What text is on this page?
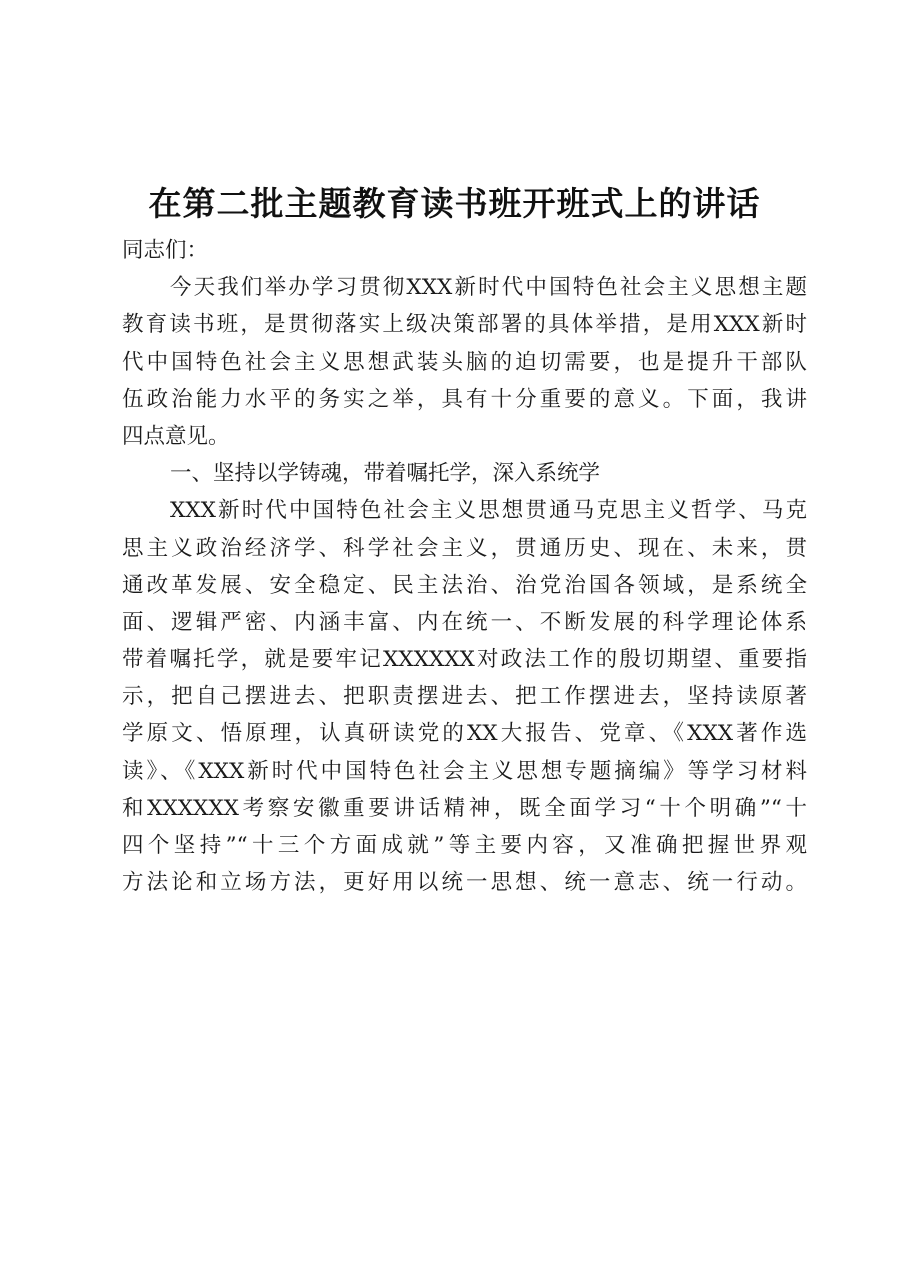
在第二批主题教育读书班开班式上的讲话
同志们：
今天我们举办学习贯彻XXX新时代中国特色社会主义思想主题
教育读书班，是贯彻落实上级决策部署的具体举措，是用XXX新时
代中国特色社会主义思想武装头脑的迫切需要，也是提升干部队
伍政治能力水平的务实之举，具有十分重要的意义。下面，我讲
四点意见。
一、坚持以学铸魂，带着嘱托学，深入系统学
XXX新时代中国特色社会主义思想贯通马克思主义哲学、马克
思主义政治经济学、科学社会主义，贯通历史、现在、未来，贯
通改革发展、安全稳定、民主法治、治党治国各领域，是系统全
面、逻辑严密、内涵丰富、内在统一、不断发展的科学理论体系
带着嘱托学，就是要牢记XXXXXX对政法工作的殷切期望、重要指
示，把自己摆进去、把职责摆进去、把工作摆进去，坚持读原著
学原文、悟原理，认真研读党的XX大报告、党章、《XXX著作选
读》、《XXX新时代中国特色社会主义思想专题摘编》等学习材料
和XXXXXX考察安徽重要讲话精神，既全面学习“十个明确”“十
四个坚持”“十三个方面成就”等主要内容，又准确把握世界观
方法论和立场方法，更好用以统一思想、统一意志、统一行动。
